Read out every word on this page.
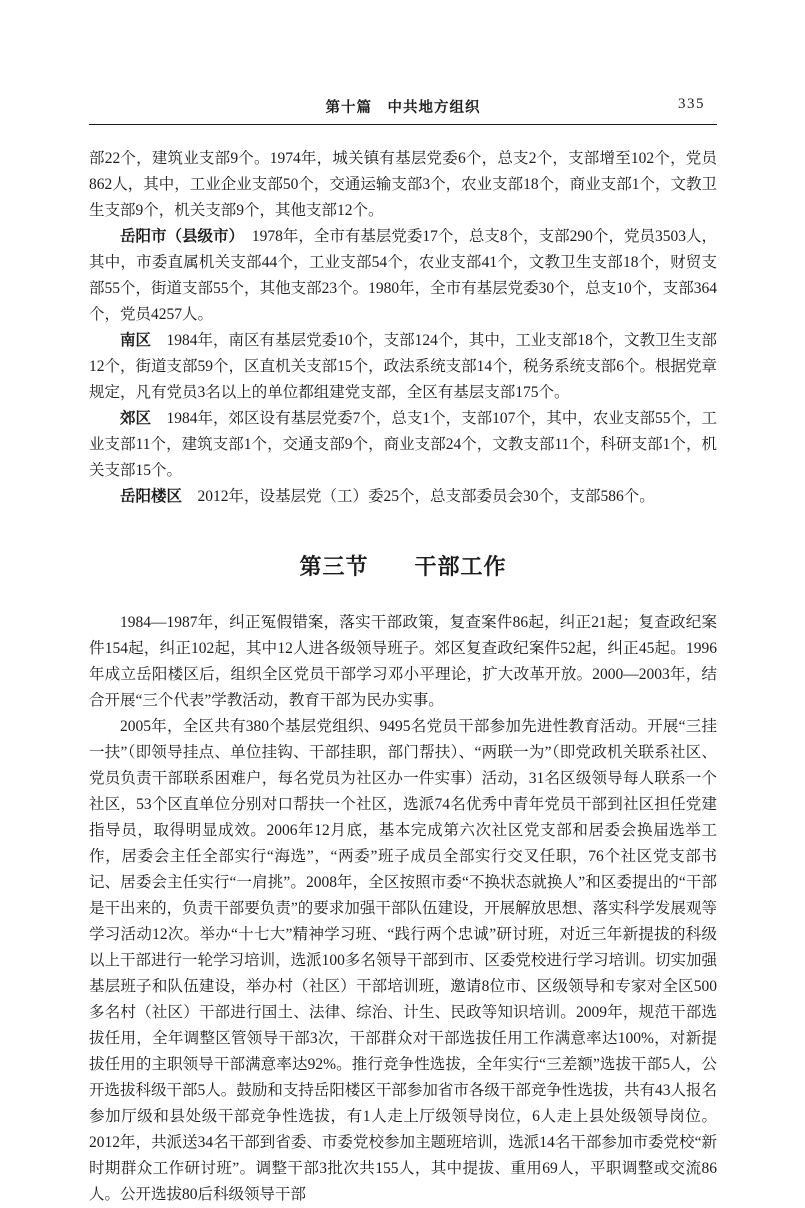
第十篇　中共地方组织	335

部22个，建筑业支部9个。1974年，城关镇有基层党委6个，总支2个，支部增至102个，党员862人，其中，工业企业支部50个，交通运输支部3个，农业支部18个，商业支部1个，文教卫生支部9个，机关支部9个，其他支部12个。

岳阳市（县级市） 1978年，全市有基层党委17个，总支8个，支部290个，党员3503人，其中，市委直属机关支部44个，工业支部54个，农业支部41个，文教卫生支部18个，财贸支部55个，街道支部55个，其他支部23个。1980年，全市有基层党委30个，总支10个，支部364个，党员4257人。

南区 1984年，南区有基层党委10个，支部124个，其中，工业支部18个，文教卫生支部12个，街道支部59个，区直机关支部15个，政法系统支部14个，税务系统支部6个。根据党章规定，凡有党员3名以上的单位都组建党支部，全区有基层支部175个。

郊区 1984年，郊区设有基层党委7个，总支1个，支部107个，其中，农业支部55个，工业支部11个，建筑支部1个，交通支部9个，商业支部24个，文教支部11个，科研支部1个，机关支部15个。

岳阳楼区 2012年，设基层党（工）委25个，总支部委员会30个，支部586个。

第三节　　干部工作

1984—1987年，纠正冤假错案，落实干部政策，复查案件86起，纠正21起；复查政纪案件154起，纠正102起，其中12人进各级领导班子。郊区复查政纪案件52起，纠正45起。1996年成立岳阳楼区后，组织全区党员干部学习邓小平理论，扩大改革开放。2000—2003年，结合开展“三个代表”学教活动，教育干部为民办实事。

2005年，全区共有380个基层党组织、9495名党员干部参加先进性教育活动。开展“三挂一扶”（即领导挂点、单位挂钩、干部挂职，部门帮扶）、“两联一为”（即党政机关联系社区、党员负责干部联系困难户，每名党员为社区办一件实事）活动，31名区级领导每人联系一个社区，53个区直单位分别对口帮扶一个社区，选派74名优秀中青年党员干部到社区担任党建指导员，取得明显成效。2006年12月底，基本完成第六次社区党支部和居委会换届选举工作，居委会主任全部实行“海选”，“两委”班子成员全部实行交叉任职，76个社区党支部书记、居委会主任实行“一肩挑”。2008年，全区按照市委“不换状态就换人”和区委提出的“干部是干出来的，负责干部要负责”的要求加强干部队伍建设，开展解放思想、落实科学发展观等学习活动12次。举办“十七大”精神学习班、“践行两个忠诚”研讨班，对近三年新提拔的科级以上干部进行一轮学习培训，选派100多名领导干部到市、区委党校进行学习培训。切实加强基层班子和队伍建设，举办村（社区）干部培训班，邀请8位市、区级领导和专家对全区500多名村（社区）干部进行国土、法律、综治、计生、民政等知识培训。2009年，规范干部选拔任用，全年调整区管领导干部3次，干部群众对干部选拔任用工作满意率达100%，对新提拔任用的主职领导干部满意率达92%。推行竞争性选拔，全年实行“三差额”选拔干部5人，公开选拔科级干部5人。鼓励和支持岳阳楼区干部参加省市各级干部竞争性选拔，共有43人报名参加厅级和县处级干部竞争性选拔，有1人走上厅级领导岗位，6人走上县处级领导岗位。2012年，共派送34名干部到省委、市委党校参加主题班培训，选派14名干部参加市委党校“新时期群众工作研讨班”。调整干部3批次共155人，其中提拔、重用69人，平职调整或交流86人。公开选拔80后科级领导干部
